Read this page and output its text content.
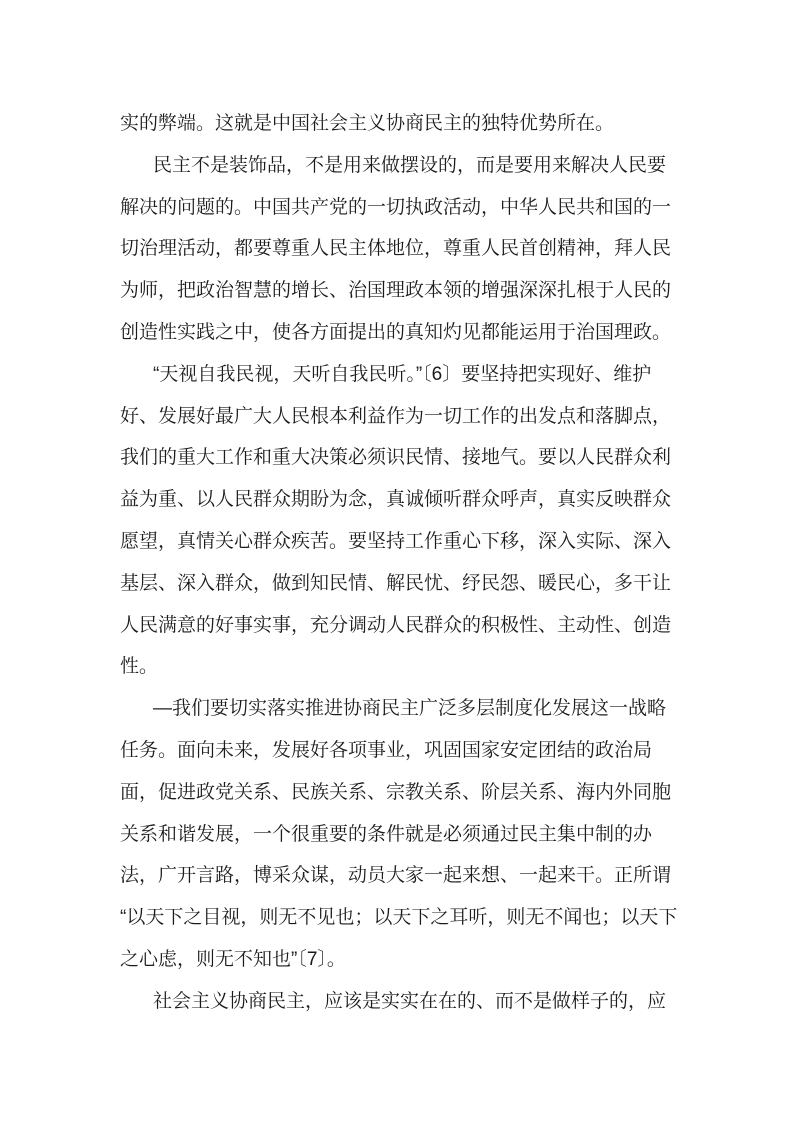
实的弊端。这就是中国社会主义协商民主的独特优势所在。
民主不是装饰品，不是用来做摆设的，而是要用来解决人民要
解决的问题的。中国共产党的一切执政活动，中华人民共和国的一
切治理活动，都要尊重人民主体地位，尊重人民首创精神，拜人民
为师，把政治智慧的增长、治国理政本领的增强深深扎根于人民的
创造性实践之中，使各方面提出的真知灼见都能运用于治国理政。
“天视自我民视，天听自我民听。”〔6〕要坚持把实现好、维护
好、发展好最广大人民根本利益作为一切工作的出发点和落脚点，
我们的重大工作和重大决策必须识民情、接地气。要以人民群众利
益为重、以人民群众期盼为念，真诚倾听群众呼声，真实反映群众
愿望，真情关心群众疾苦。要坚持工作重心下移，深入实际、深入
基层、深入群众，做到知民情、解民忧、纾民怨、暖民心，多干让
人民满意的好事实事，充分调动人民群众的积极性、主动性、创造
性。
—我们要切实落实推进协商民主广泛多层制度化发展这一战略
任务。面向未来，发展好各项事业，巩固国家安定团结的政治局
面，促进政党关系、民族关系、宗教关系、阶层关系、海内外同胞
关系和谐发展，一个很重要的条件就是必须通过民主集中制的办
法，广开言路，博采众谋，动员大家一起来想、一起来干。正所谓
“以天下之目视，则无不见也；以天下之耳听，则无不闻也；以天下
之心虑，则无不知也”〔7〕。
社会主义协商民主，应该是实实在在的、而不是做样子的，应
